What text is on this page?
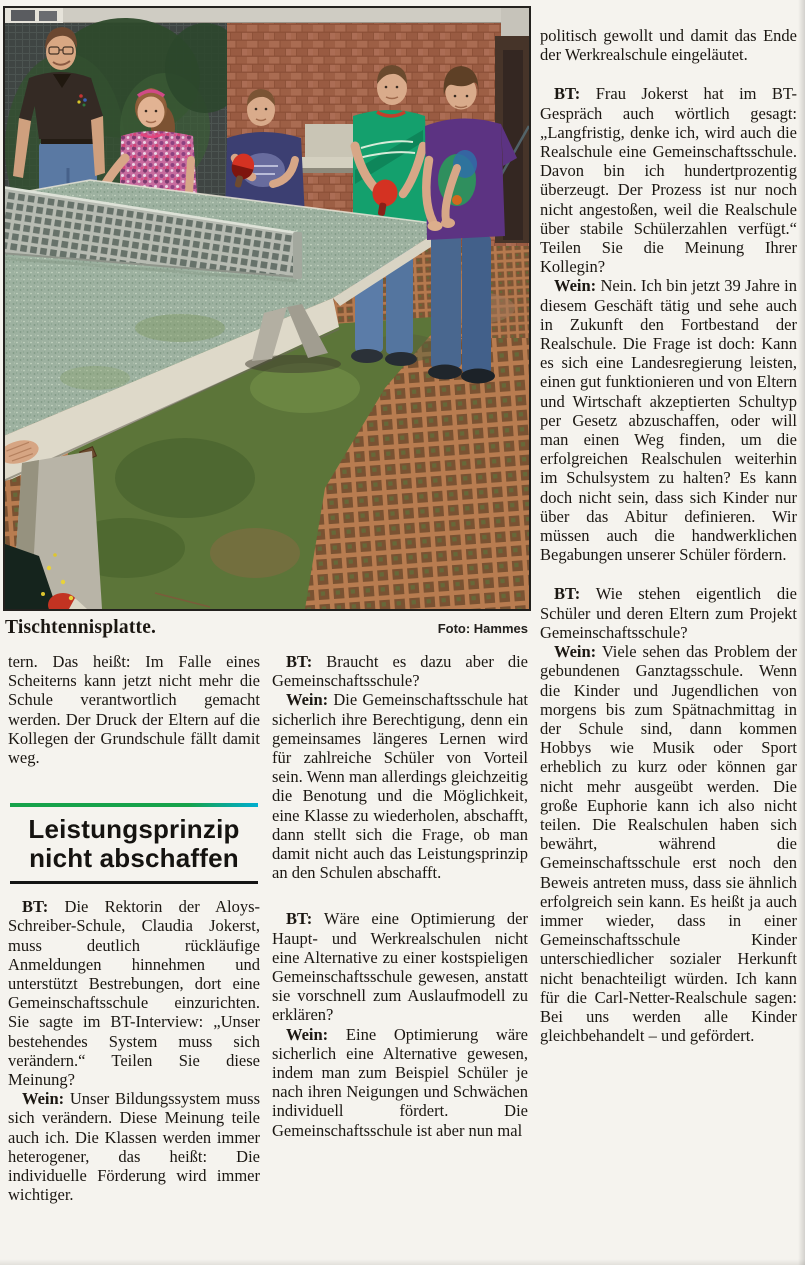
Tischtennisplatte.	Foto: Hammes

tern. Das heißt: Im Falle eines Scheiterns kann jetzt nicht mehr die Schule verantwortlich gemacht werden. Der Druck der Eltern auf die Kollegen der Grundschule fällt damit weg.

Leistungsprinzip
nicht abschaffen

BT: Die Rektorin der Aloys-Schreiber-Schule, Claudia Jokerst, muss deutlich rückläufige Anmeldungen hinnehmen und unterstützt Bestrebungen, dort eine Gemeinschaftsschule einzurichten. Sie sagte im BT-Interview: „Unser bestehendes System muss sich verändern.“ Teilen Sie diese Meinung?

Wein: Unser Bildungssystem muss sich verändern. Diese Meinung teile auch ich. Die Klassen werden immer heterogener, das heißt: Die individuelle Förderung wird immer wichtiger.

BT: Braucht es dazu aber die Gemeinschaftsschule?

Wein: Die Gemeinschaftsschule hat sicherlich ihre Berechtigung, denn ein gemeinsames längeres Lernen wird für zahlreiche Schüler von Vorteil sein. Wenn man allerdings gleichzeitig die Benotung und die Möglichkeit, eine Klasse zu wiederholen, abschafft, dann stellt sich die Frage, ob man damit nicht auch das Leistungsprinzip an den Schulen abschafft.

BT: Wäre eine Optimierung der Haupt- und Werkrealschulen nicht eine Alternative zu einer kostspieligen Gemeinschaftsschule gewesen, anstatt sie vorschnell zum Auslaufmodell zu erklären?

Wein: Eine Optimierung wäre sicherlich eine Alternative gewesen, indem man zum Beispiel Schüler je nach ihren Neigungen und Schwächen individuell fördert. Die Gemeinschaftsschule ist aber nun mal

politisch gewollt und damit das Ende der Werkrealschule eingeläutet.

BT: Frau Jokerst hat im BT-Gespräch auch wörtlich gesagt: „Langfristig, denke ich, wird auch die Realschule eine Gemeinschaftsschule. Davon bin ich hundertprozentig überzeugt. Der Prozess ist nur noch nicht angestoßen, weil die Realschule über stabile Schülerzahlen verfügt.“ Teilen Sie die Meinung Ihrer Kollegin?

Wein: Nein. Ich bin jetzt 39 Jahre in diesem Geschäft tätig und sehe auch in Zukunft den Fortbestand der Realschule. Die Frage ist doch: Kann es sich eine Landesregierung leisten, einen gut funktionieren und von Eltern und Wirtschaft akzeptierten Schultyp per Gesetz abzuschaffen, oder will man einen Weg finden, um die erfolgreichen Realschulen weiterhin im Schulsystem zu halten? Es kann doch nicht sein, dass sich Kinder nur über das Abitur definieren. Wir müssen auch die handwerklichen Begabungen unserer Schüler fördern.

BT: Wie stehen eigentlich die Schüler und deren Eltern zum Projekt Gemeinschaftsschule?

Wein: Viele sehen das Problem der gebundenen Ganztagsschule. Wenn die Kinder und Jugendlichen von morgens bis zum Spätnachmittag in der Schule sind, dann kommen Hobbys wie Musik oder Sport erheblich zu kurz oder können gar nicht mehr ausgeübt werden. Die große Euphorie kann ich also nicht teilen. Die Realschulen haben sich bewährt, während die Gemeinschaftsschule erst noch den Beweis antreten muss, dass sie ähnlich erfolgreich sein kann. Es heißt ja auch immer wieder, dass in einer Gemeinschaftsschule Kinder unterschiedlicher sozialer Herkunft nicht benachteiligt würden. Ich kann für die Carl-Netter-Realschule sagen: Bei uns werden alle Kinder gleichbehandelt – und gefördert.
